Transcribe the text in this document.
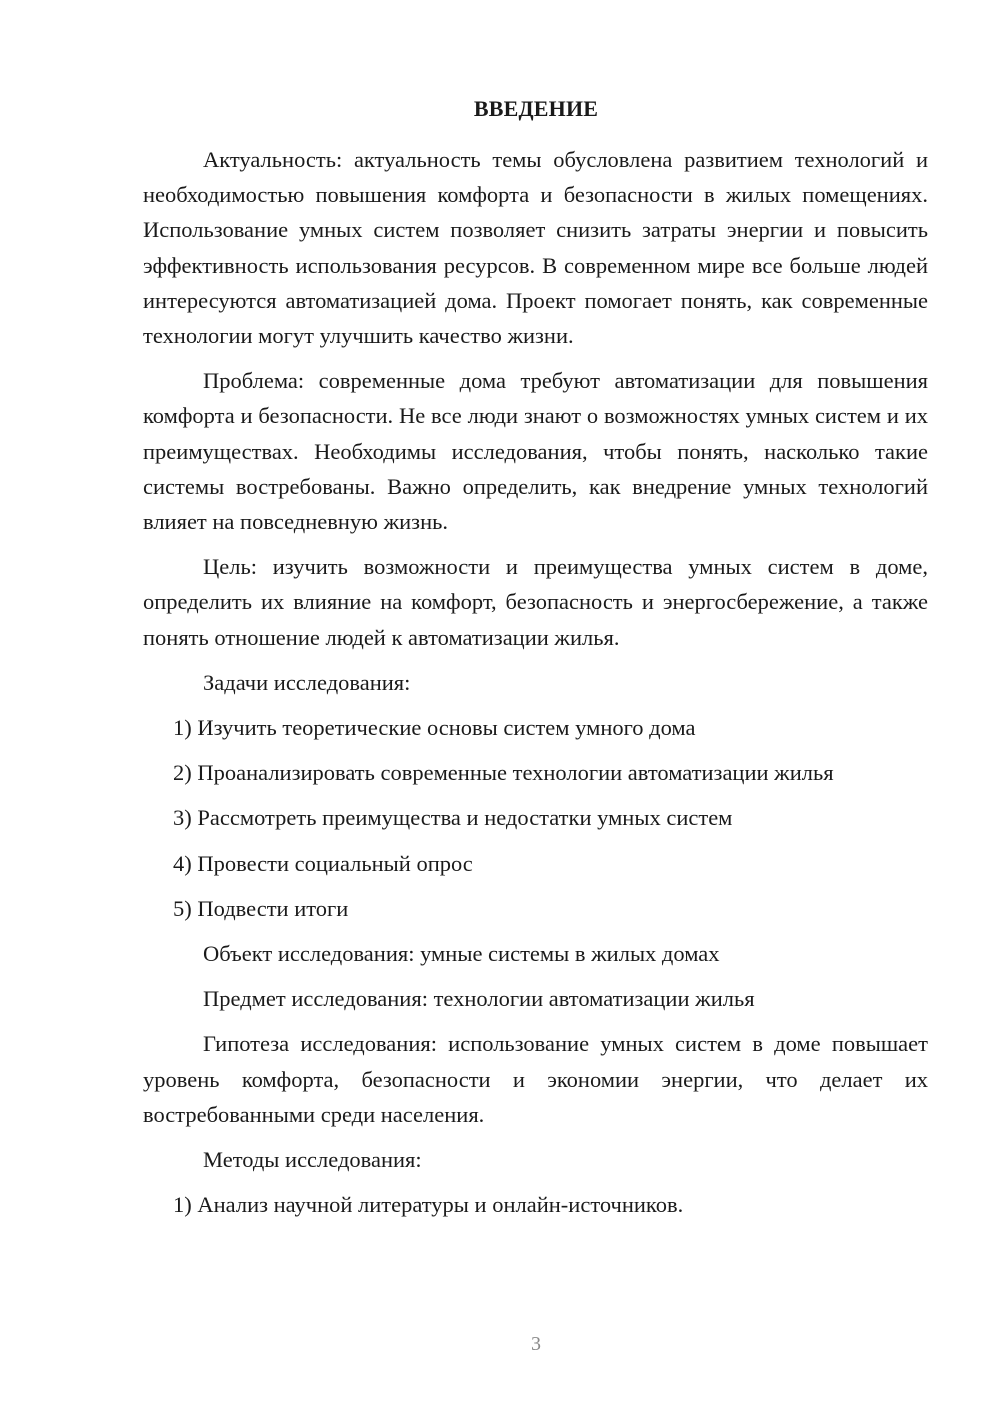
ВВЕДЕНИЕ

Актуальность: актуальность темы обусловлена развитием технологий и необходимостью повышения комфорта и безопасности в жилых помещениях. Использование умных систем позволяет снизить затраты энергии и повысить эффективность использования ресурсов. В современном мире все больше людей интересуются автоматизацией дома. Проект помогает понять, как современные технологии могут улучшить качество жизни.

Проблема: современные дома требуют автоматизации для повышения комфорта и безопасности. Не все люди знают о возможностях умных систем и их преимуществах. Необходимы исследования, чтобы понять, насколько такие системы востребованы. Важно определить, как внедрение умных технологий влияет на повседневную жизнь.

Цель: изучить возможности и преимущества умных систем в доме, определить их влияние на комфорт, безопасность и энергосбережение, а также понять отношение людей к автоматизации жилья.

Задачи исследования:

1) Изучить теоретические основы систем умного дома
2) Проанализировать современные технологии автоматизации жилья
3) Рассмотреть преимущества и недостатки умных систем
4) Провести социальный опрос
5) Подвести итоги

Объект исследования: умные системы в жилых домах

Предмет исследования: технологии автоматизации жилья

Гипотеза исследования: использование умных систем в доме повышает уровень комфорта, безопасности и экономии энергии, что делает их востребованными среди населения.

Методы исследования:

1) Анализ научной литературы и онлайн-источников.
3
